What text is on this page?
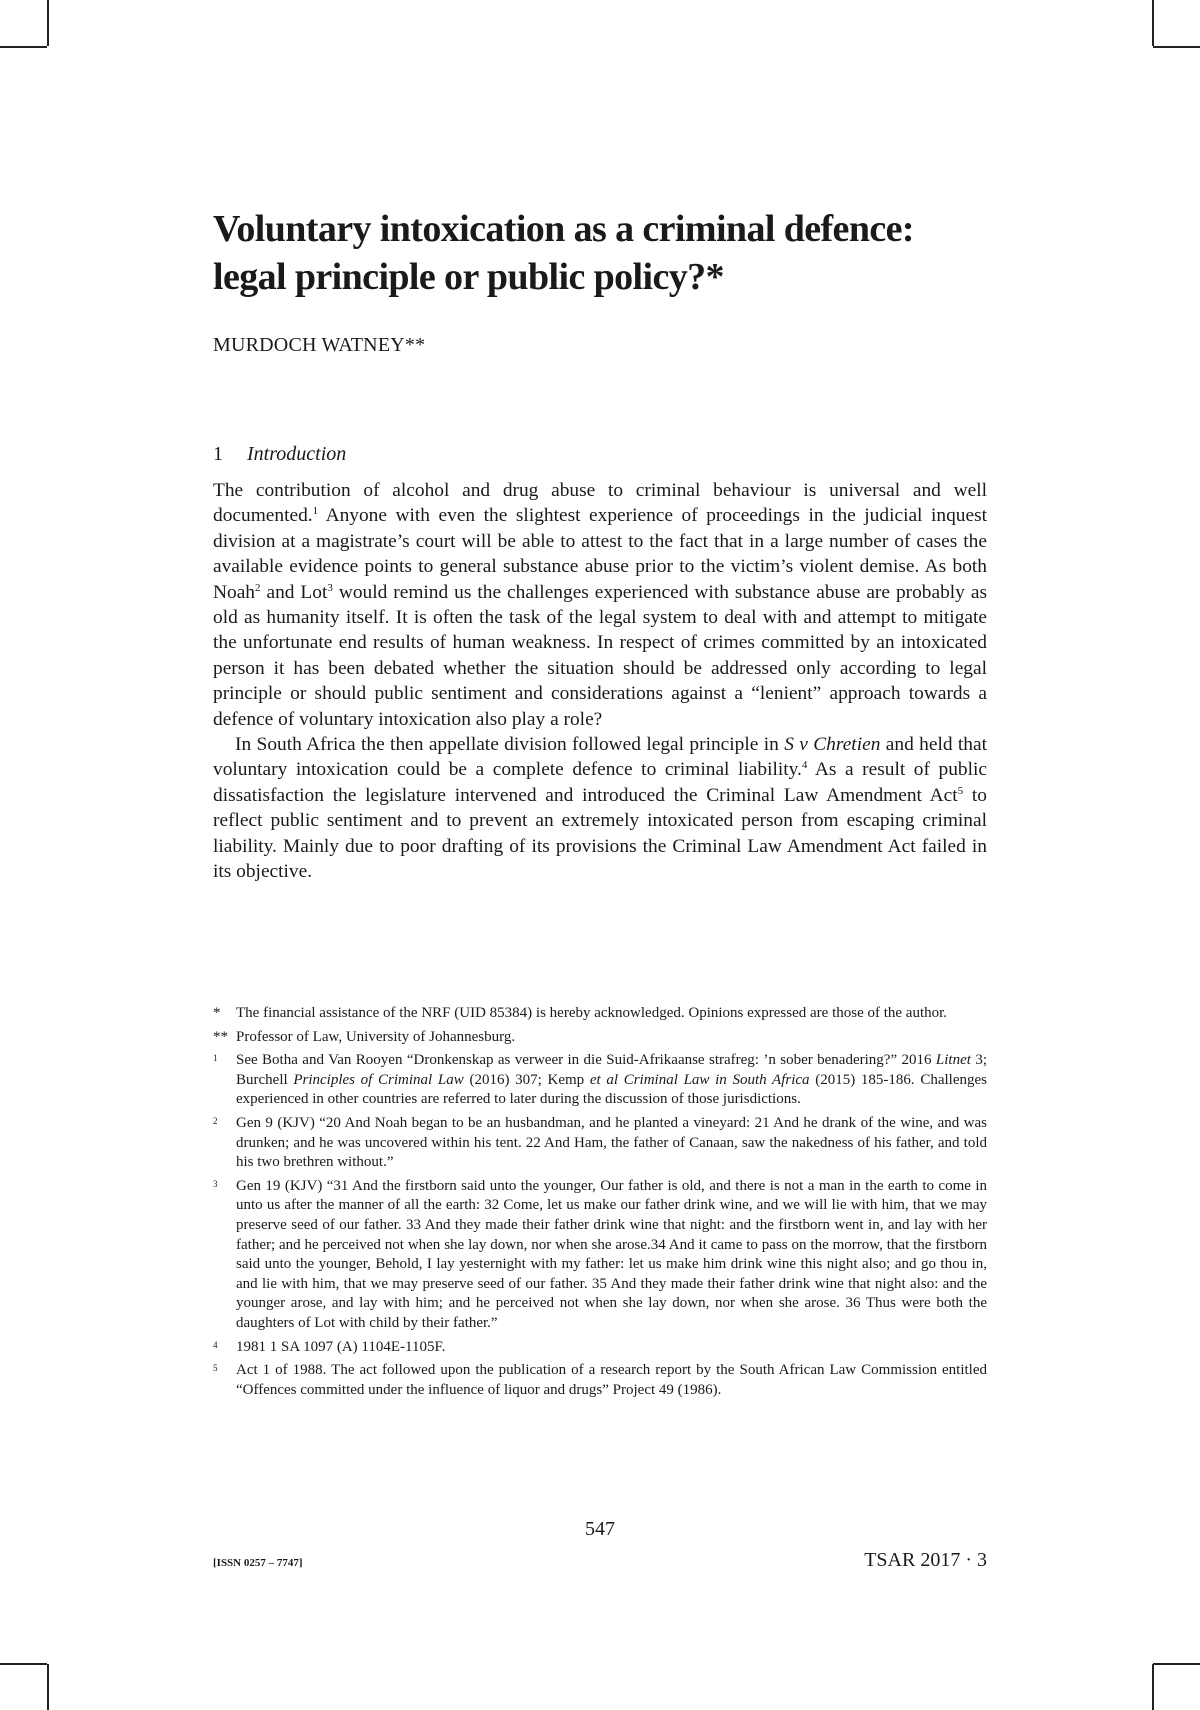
Voluntary intoxication as a criminal defence:
legal principle or public policy?*

MURDOCH WATNEY**

1 Introduction

The contribution of alcohol and drug abuse to criminal behaviour is universal and well documented.$^1$ Anyone with even the slightest experience of proceedings in the judicial inquest division at a magistrate’s court will be able to attest to the fact that in a large number of cases the available evidence points to general substance abuse prior to the victim’s violent demise. As both Noah$^2$ and Lot$^3$ would remind us the challenges experienced with substance abuse are probably as old as humanity itself. It is often the task of the legal system to deal with and attempt to mitigate the unfortunate end results of human weakness. In respect of crimes committed by an intoxicated person it has been debated whether the situation should be addressed only according to legal principle or should public sentiment and considerations against a “lenient” approach towards a defence of voluntary intoxication also play a role?

In South Africa the then appellate division followed legal principle in S v Chretien and held that voluntary intoxication could be a complete defence to criminal liability.$^4$ As a result of public dissatisfaction the legislature intervened and introduced the Criminal Law Amendment Act$^5$ to reflect public sentiment and to prevent an extremely intoxicated person from escaping criminal liability. Mainly due to poor drafting of its provisions the Criminal Law Amendment Act failed in its objective.

*	The financial assistance of the NRF (UID 85384) is hereby acknowledged. Opinions expressed are those of the author.
** Professor of Law, University of Johannesburg.
1	See Botha and Van Rooyen “Dronkenskap as verweer in die Suid-Afrikaanse strafreg: ’n sober benadering?” 2016 Litnet 3; Burchell Principles of Criminal Law (2016) 307; Kemp et al Criminal Law in South Africa (2015) 185-186. Challenges experienced in other countries are referred to later during the discussion of those jurisdictions.
2	Gen 9 (KJV) “20 And Noah began to be an husbandman, and he planted a vineyard: 21 And he drank of the wine, and was drunken; and he was uncovered within his tent. 22 And Ham, the father of Canaan, saw the nakedness of his father, and told his two brethren without.”
3	Gen 19 (KJV) “31 And the firstborn said unto the younger, Our father is old, and there is not a man in the earth to come in unto us after the manner of all the earth: 32 Come, let us make our father drink wine, and we will lie with him, that we may preserve seed of our father. 33 And they made their father drink wine that night: and the firstborn went in, and lay with her father; and he perceived not when she lay down, nor when she arose.34 And it came to pass on the morrow, that the firstborn said unto the younger, Behold, I lay yesternight with my father: let us make him drink wine this night also; and go thou in, and lie with him, that we may preserve seed of our father. 35 And they made their father drink wine that night also: and the younger arose, and lay with him; and he perceived not when she lay down, nor when she arose. 36 Thus were both the daughters of Lot with child by their father.”
4	1981 1 SA 1097 (A) 1104E-1105F.
5	Act 1 of 1988. The act followed upon the publication of a research report by the South African Law Commission entitled “Offences committed under the influence of liquor and drugs” Project 49 (1986).

547

[ISSN 0257 – 7747]	TSAR 2017 · 3
